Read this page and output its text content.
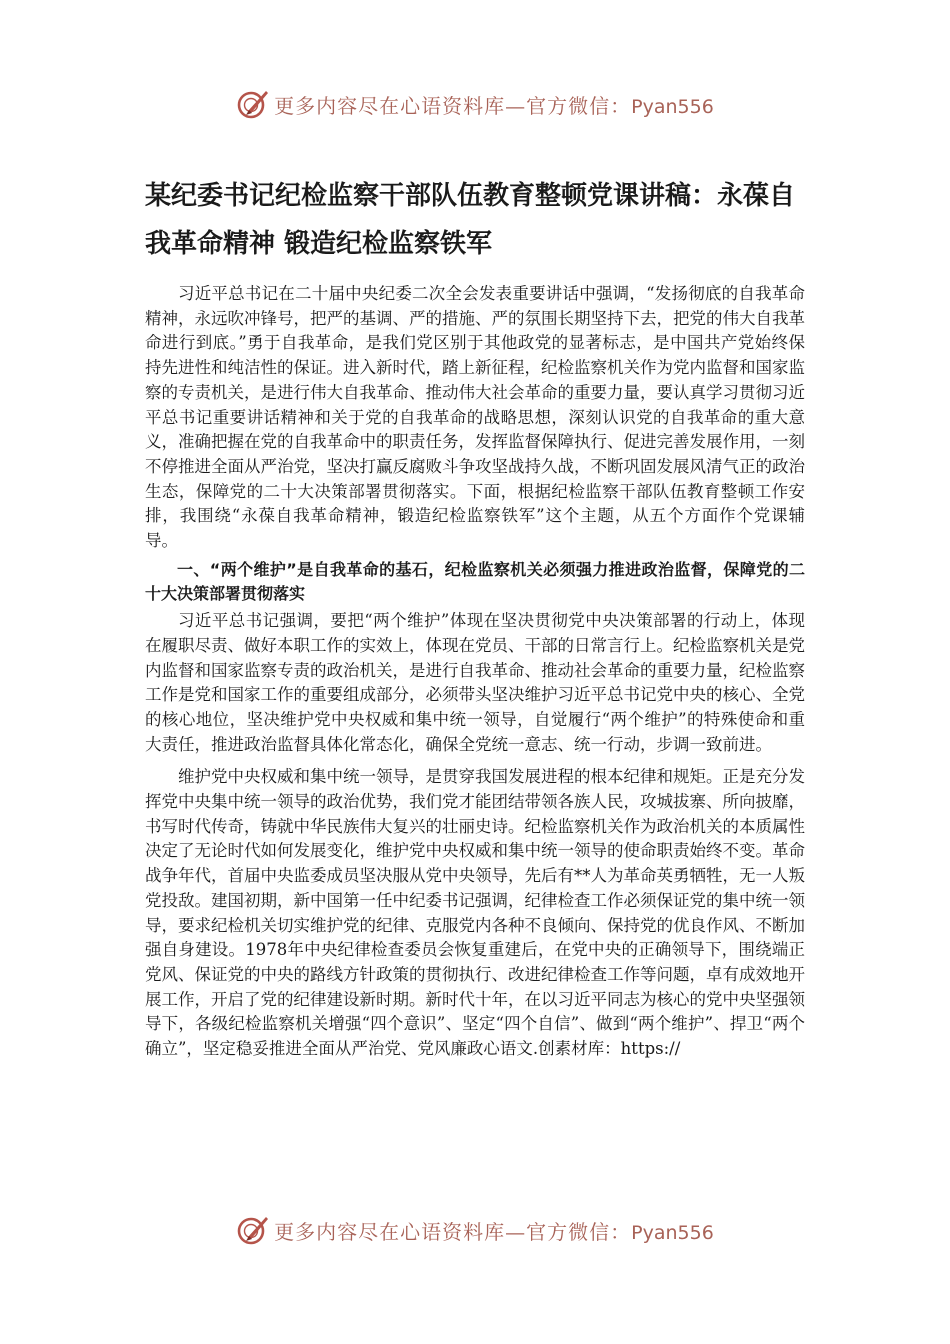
更多内容尽在心语资料库—官方微信：Pyan556
某纪委书记纪检监察干部队伍教育整顿党课讲稿：永葆自我革命精神 锻造纪检监察铁军

习近平总书记在二十届中央纪委二次全会发表重要讲话中强调，“发扬彻底的自我革命精神，永远吹冲锋号，把严的基调、严的措施、严的氛围长期坚持下去，把党的伟大自我革命进行到底。”勇于自我革命，是我们党区别于其他政党的显著标志，是中国共产党始终保持先进性和纯洁性的保证。进入新时代，踏上新征程，纪检监察机关作为党内监督和国家监察的专责机关，是进行伟大自我革命、推动伟大社会革命的重要力量，要认真学习贯彻习近平总书记重要讲话精神和关于党的自我革命的战略思想，深刻认识党的自我革命的重大意义，准确把握在党的自我革命中的职责任务，发挥监督保障执行、促进完善发展作用，一刻不停推进全面从严治党，坚决打赢反腐败斗争攻坚战持久战，不断巩固发展风清气正的政治生态，保障党的二十大决策部署贯彻落实。下面，根据纪检监察干部队伍教育整顿工作安排，我围绕“永葆自我革命精神，锻造纪检监察铁军”这个主题，从五个方面作个党课辅导。

一、“两个维护”是自我革命的基石，纪检监察机关必须强力推进政治监督，保障党的二十大决策部署贯彻落实

习近平总书记强调，要把“两个维护”体现在坚决贯彻党中央决策部署的行动上，体现在履职尽责、做好本职工作的实效上，体现在党员、干部的日常言行上。纪检监察机关是党内监督和国家监察专责的政治机关，是进行自我革命、推动社会革命的重要力量，纪检监察工作是党和国家工作的重要组成部分，必须带头坚决维护习近平总书记党中央的核心、全党的核心地位，坚决维护党中央权威和集中统一领导，自觉履行“两个维护”的特殊使命和重大责任，推进政治监督具体化常态化，确保全党统一意志、统一行动，步调一致前进。

维护党中央权威和集中统一领导，是贯穿我国发展进程的根本纪律和规矩。正是充分发挥党中央集中统一领导的政治优势，我们党才能团结带领各族人民，攻城拔寨、所向披靡，书写时代传奇，铸就中华民族伟大复兴的壮丽史诗。纪检监察机关作为政治机关的本质属性决定了无论时代如何发展变化，维护党中央权威和集中统一领导的使命职责始终不变。革命战争年代，首届中央监委成员坚决服从党中央领导，先后有**人为革命英勇牺牲，无一人叛党投敌。建国初期，新中国第一任中纪委书记强调，纪律检查工作必须保证党的集中统一领导，要求纪检机关切实维护党的纪律、克服党内各种不良倾向、保持党的优良作风、不断加强自身建设。1978年中央纪律检查委员会恢复重建后，在党中央的正确领导下，围绕端正党风、保证党的中央的路线方针政策的贯彻执行、改进纪律检查工作等问题，卓有成效地开展工作，开启了党的纪律建设新时期。新时代十年，在以习近平同志为核心的党中央坚强领导下，各级纪检监察机关增强“四个意识”、坚定“四个自信”、做到“两个维护”、捍卫“两个确立”，坚定稳妥推进全面从严治党、党风廉政心语文.创素材库：https://

更多内容尽在心语资料库—官方微信：Pyan556
